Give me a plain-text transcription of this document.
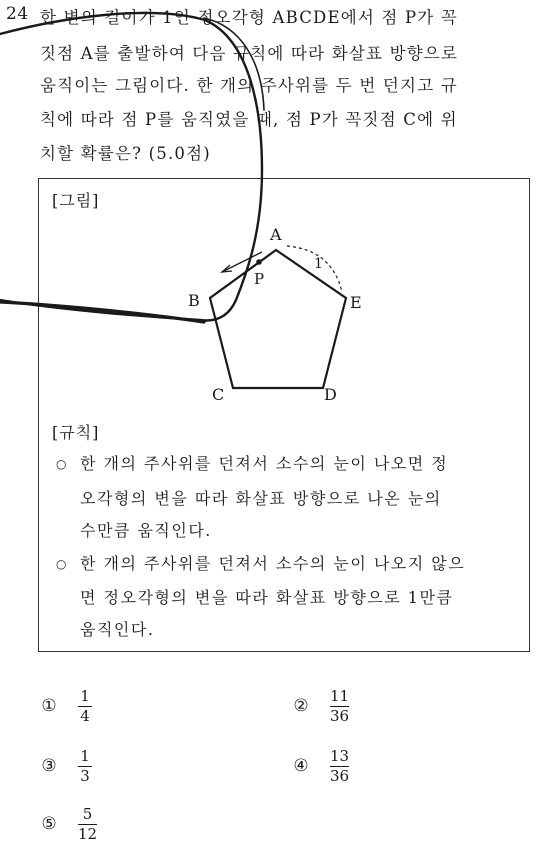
24 한 변의 길이가 1인 정오각형 ABCDE에서 점 P가 꼭
짓점 A를 출발하여 다음 규칙에 따라 화살표 방향으로
움직이는 그림이다. 한 개의 주사위를 두 번 던지고 규
칙에 따라 점 P를 움직였을 때, 점 P가 꼭짓점 C에 위
치할 확률은? (5.0점)
[그림]
A
B
C	D
E
P
1
[규칙]
○ 한 개의 주사위를 던져서 소수의 눈이 나오면 정
오각형의 변을 따라 화살표 방향으로 나온 눈의
수만큼 움직인다.
○ 한 개의 주사위를 던져서 소수의 눈이 나오지 않으
면 정오각형의 변을 따라 화살표 방향으로 1만큼
움직인다.
① $\frac{1}{4}$	② $\frac{11}{36}$
③ $\frac{1}{3}$	④ $\frac{13}{36}$
⑤ $\frac{5}{12}$
